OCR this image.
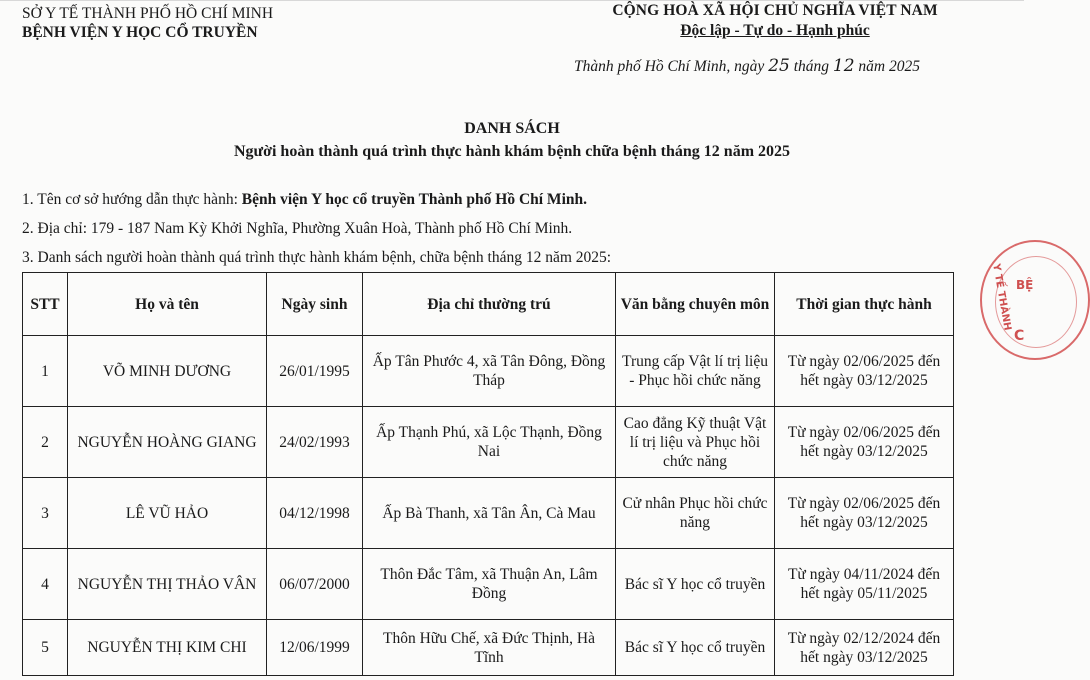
SỞ Y TẾ THÀNH PHỐ HỒ CHÍ MINH
BỆNH VIỆN Y HỌC CỔ TRUYỀN
CỘNG HOÀ XÃ HỘI CHỦ NGHĨA VIỆT NAM
Độc lập - Tự do - Hạnh phúc
Thành phố Hồ Chí Minh, ngày 25 tháng 12 năm 2025
DANH SÁCH
Người hoàn thành quá trình thực hành khám bệnh chữa bệnh tháng 12 năm 2025
1. Tên cơ sở hướng dẫn thực hành: Bệnh viện Y học cổ truyền Thành phố Hồ Chí Minh.
2. Địa chỉ: 179 - 187 Nam Kỳ Khởi Nghĩa, Phường Xuân Hoà, Thành phố Hồ Chí Minh.
3. Danh sách người hoàn thành quá trình thực hành khám bệnh, chữa bệnh tháng 12 năm 2025:
STT	Họ và tên	Ngày sinh	Địa chỉ thường trú	Văn bằng chuyên môn	Thời gian thực hành
1	VÕ MINH DƯƠNG	26/01/1995	Ấp Tân Phước 4, xã Tân Đông, Đồng Tháp	Trung cấp Vật lí trị liệu - Phục hồi chức năng	Từ ngày 02/06/2025 đến hết ngày 03/12/2025
2	NGUYỄN HOÀNG GIANG	24/02/1993	Ấp Thạnh Phú, xã Lộc Thạnh, Đồng Nai	Cao đẳng Kỹ thuật Vật lí trị liệu và Phục hồi chức năng	Từ ngày 02/06/2025 đến hết ngày 03/12/2025
3	LÊ VŨ HẢO	04/12/1998	Ấp Bà Thanh, xã Tân Ân, Cà Mau	Cử nhân Phục hồi chức năng	Từ ngày 02/06/2025 đến hết ngày 03/12/2025
4	NGUYỄN THỊ THẢO VÂN	06/07/2000	Thôn Đắc Tâm, xã Thuận An, Lâm Đồng	Bác sĩ Y học cổ truyền	Từ ngày 04/11/2024 đến hết ngày 05/11/2025
5	NGUYỄN THỊ KIM CHI	12/06/1999	Thôn Hữu Chế, xã Đức Thịnh, Hà Tĩnh	Bác sĩ Y học cổ truyền	Từ ngày 02/12/2024 đến hết ngày 03/12/2025
Y TẾ THÀNH BỆ
C
